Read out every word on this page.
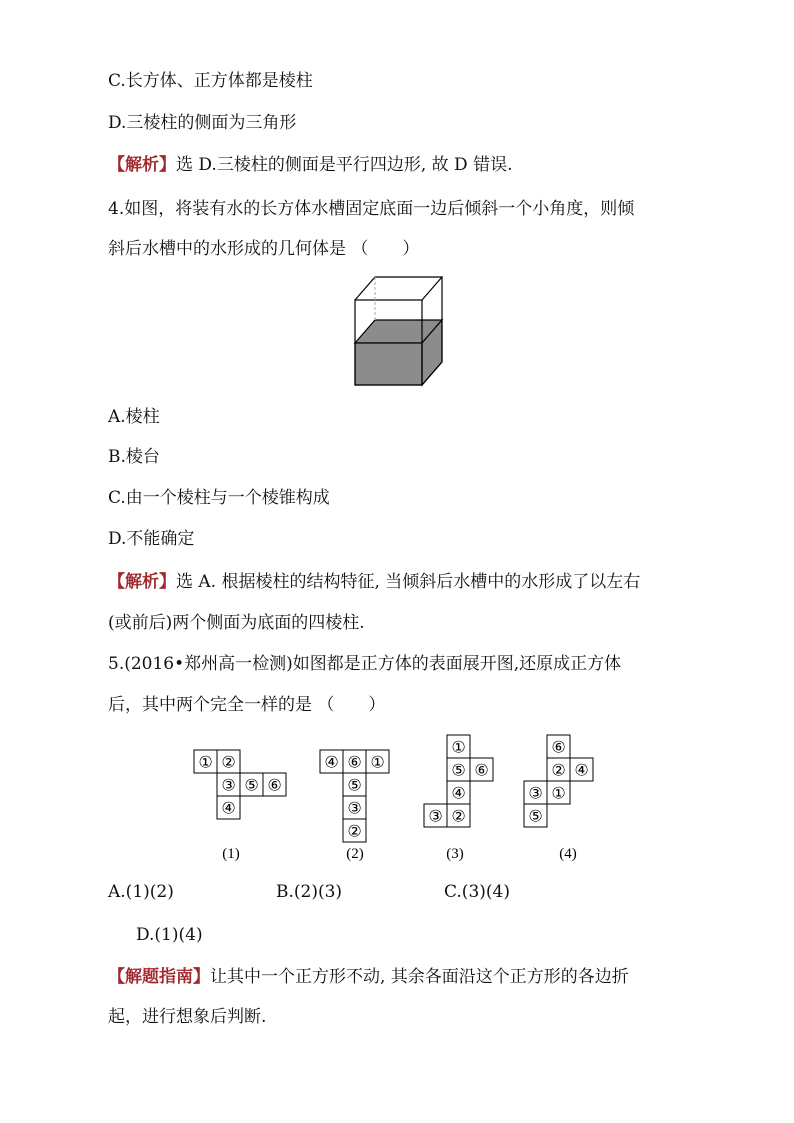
C.长方体、正方体都是棱柱
D.三棱柱的侧面为三角形
【解析】选 D.三棱柱的侧面是平行四边形, 故 D 错误.
4.如图，将装有水的长方体水槽固定底面一边后倾斜一个小角度，则倾
斜后水槽中的水形成的几何体是 （　　）
A.棱柱
B.棱台
C.由一个棱柱与一个棱锥构成
D.不能确定
【解析】选 A. 根据棱柱的结构特征, 当倾斜后水槽中的水形成了以左右
(或前后)两个侧面为底面的四棱柱.
5.(2016•郑州高一检测)如图都是正方体的表面展开图,还原成正方体
后，其中两个完全一样的是 （　　）
① ②
③ ⑤ ⑥
④
(1)
④ ⑥ ①
⑤
③
②
(2)
①
⑤ ⑥
④
③ ②
(3)
⑥
② ④
③ ①
⑤
(4)
A.(1)(2)	B.(2)(3)	C.(3)(4)
D.(1)(4)
【解题指南】让其中一个正方形不动, 其余各面沿这个正方形的各边折
起，进行想象后判断.
